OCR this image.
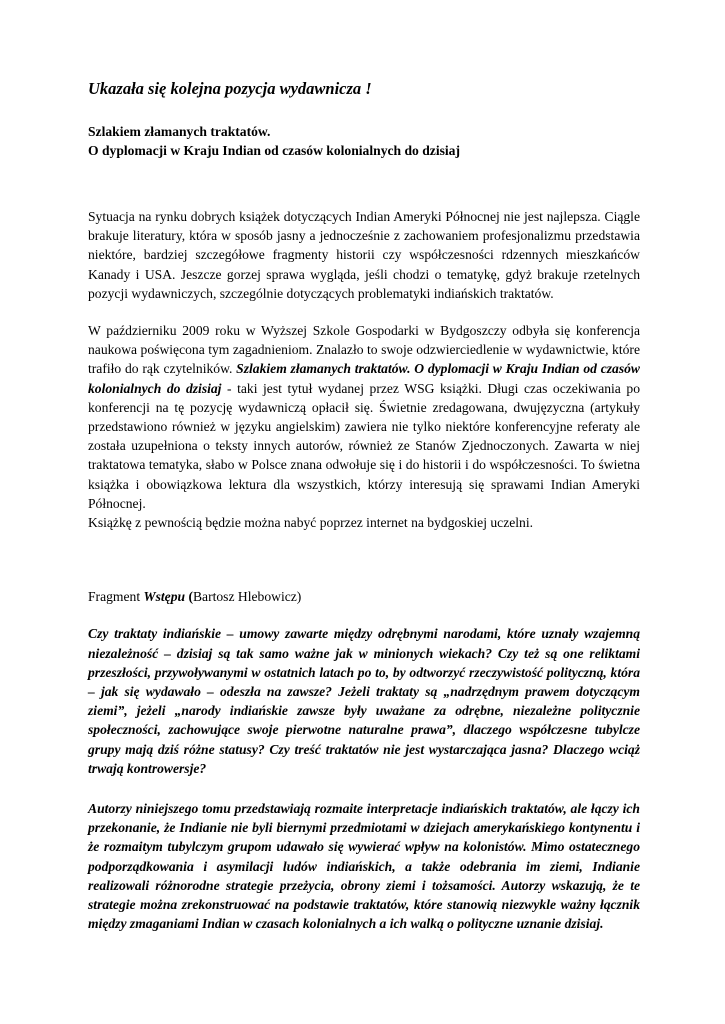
Ukazała się kolejna pozycja wydawnicza !

Szlakiem złamanych traktatów.

O dyplomacji w Kraju Indian od czasów kolonialnych do dzisiaj

Sytuacja na rynku dobrych książek dotyczących Indian Ameryki Północnej nie jest najlepsza. Ciągle brakuje literatury, która w sposób jasny a jednocześnie z zachowaniem profesjonalizmu przedstawia niektóre, bardziej szczegółowe fragmenty historii czy współczesności rdzennych mieszkańców Kanady i USA. Jeszcze gorzej sprawa wygląda, jeśli chodzi o tematykę, gdyż brakuje rzetelnych pozycji wydawniczych, szczególnie dotyczących problematyki indiańskich traktatów.

W październiku 2009 roku w Wyższej Szkole Gospodarki w Bydgoszczy odbyła się konferencja naukowa poświęcona tym zagadnieniom. Znalazło to swoje odzwierciedlenie w wydawnictwie, które trafiło do rąk czytelników. Szlakiem złamanych traktatów. O dyplomacji w Kraju Indian od czasów kolonialnych do dzisiaj - taki jest tytuł wydanej przez WSG książki. Długi czas oczekiwania po konferencji na tę pozycję wydawniczą opłacił się. Świetnie zredagowana, dwujęzyczna (artykuły przedstawiono również w języku angielskim) zawiera nie tylko niektóre konferencyjne referaty ale została uzupełniona o teksty innych autorów, również ze Stanów Zjednoczonych. Zawarta w niej traktatowa tematyka, słabo w Polsce znana odwołuje się i do historii i do współczesności. To świetna książka i obowiązkowa lektura dla wszystkich, którzy interesują się sprawami Indian Ameryki Północnej.

Książkę z pewnością będzie można nabyć poprzez internet na bydgoskiej uczelni.

Fragment Wstępu (Bartosz Hlebowicz)

Czy traktaty indiańskie – umowy zawarte między odrębnymi narodami, które uznały wzajemną niezależność – dzisiaj są tak samo ważne jak w minionych wiekach? Czy też są one reliktami przeszłości, przywoływanymi w ostatnich latach po to, by odtworzyć rzeczywistość polityczną, która – jak się wydawało – odeszła na zawsze? Jeżeli traktaty są „nadrzędnym prawem dotyczącym ziemi”, jeżeli „narody indiańskie zawsze były uważane za odrębne, niezależne politycznie społeczności, zachowujące swoje pierwotne naturalne prawa”, dlaczego współczesne tubylcze grupy mają dziś różne statusy? Czy treść traktatów nie jest wystarczająca jasna? Dlaczego wciąż trwają kontrowersje?

Autorzy niniejszego tomu przedstawiają rozmaite interpretacje indiańskich traktatów, ale łączy ich przekonanie, że Indianie nie byli biernymi przedmiotami w dziejach amerykańskiego kontynentu i że rozmaitym tubylczym grupom udawało się wywierać wpływ na kolonistów. Mimo ostatecznego podporządkowania i asymilacji ludów indiańskich, a także odebrania im ziemi, Indianie realizowali różnorodne strategie przeżycia, obrony ziemi i tożsamości. Autorzy wskazują, że te strategie można zrekonstruować na podstawie traktatów, które stanowią niezwykle ważny łącznik między zmaganiami Indian w czasach kolonialnych a ich walką o polityczne uznanie dzisiaj.
